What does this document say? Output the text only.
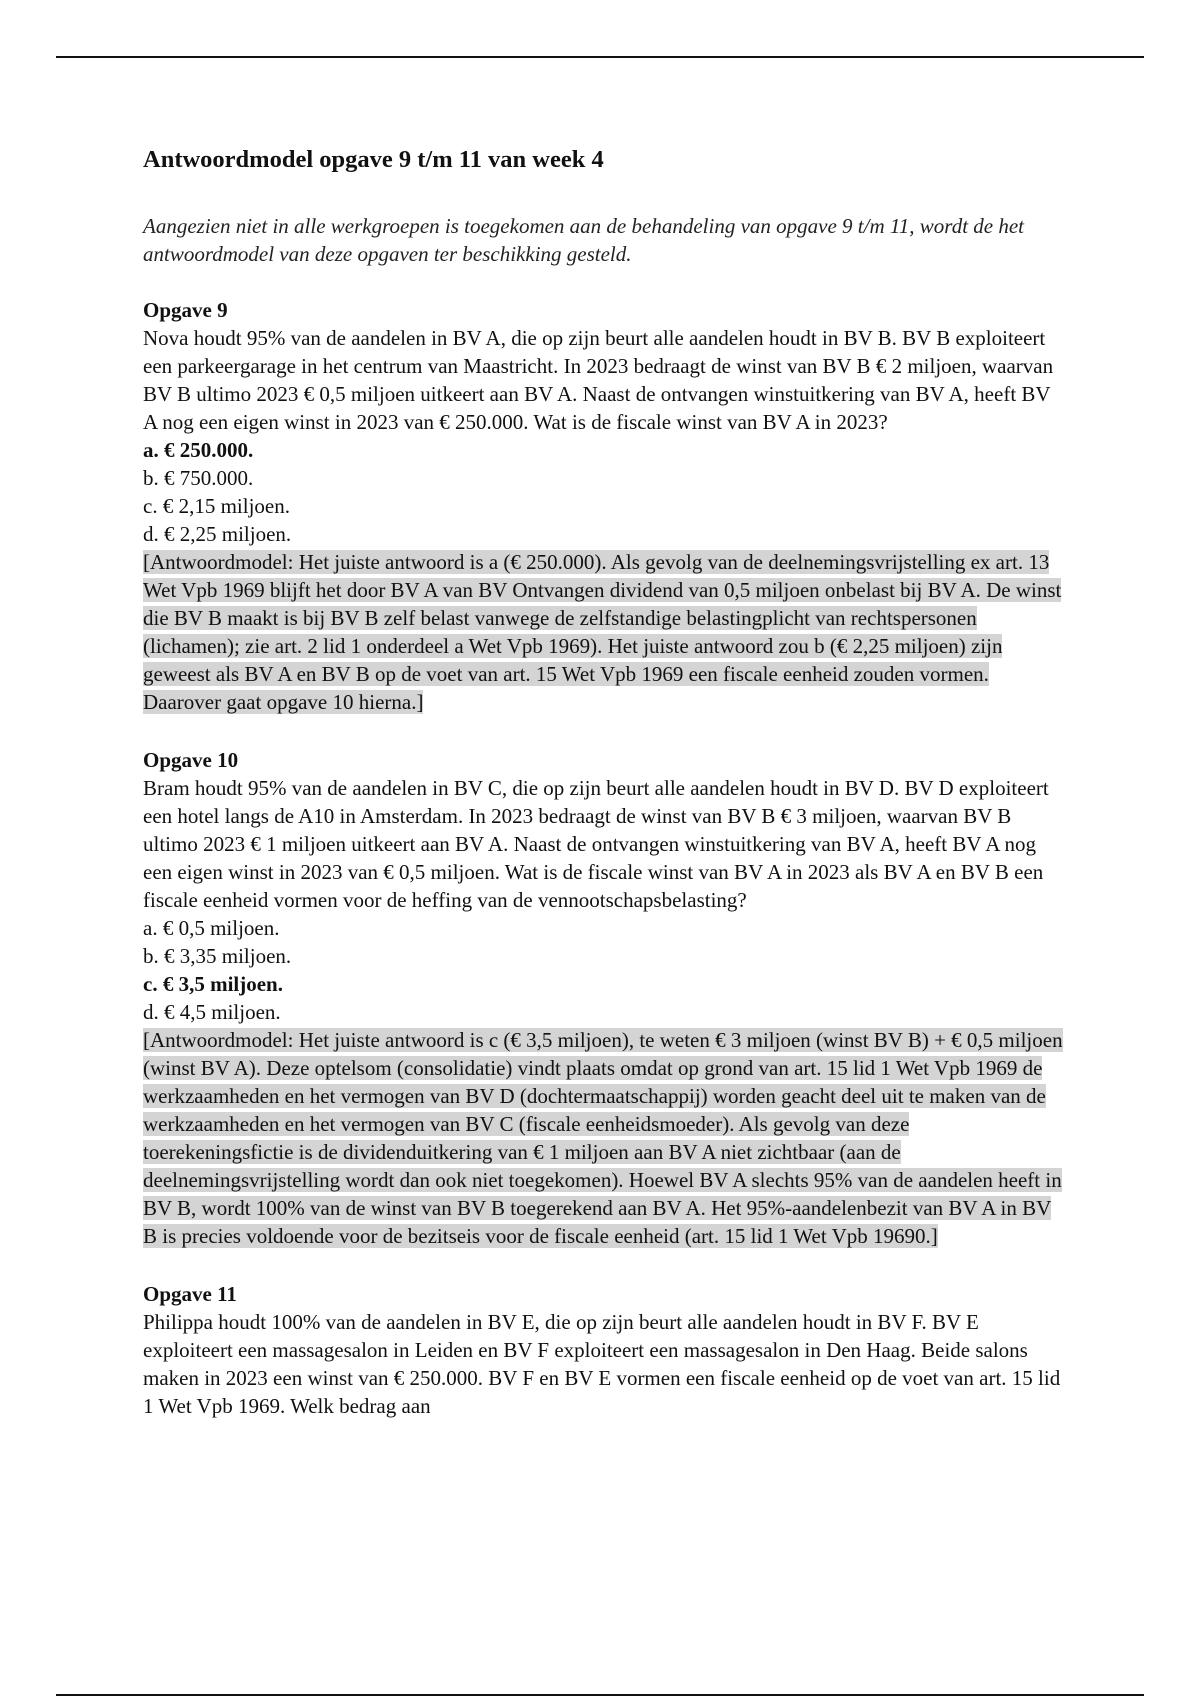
Antwoordmodel opgave 9 t/m 11 van week 4

Aangezien niet in alle werkgroepen is toegekomen aan de behandeling van opgave 9 t/m 11, wordt de het antwoordmodel van deze opgaven ter beschikking gesteld.

Opgave 9
Nova houdt 95% van de aandelen in BV A, die op zijn beurt alle aandelen houdt in BV B. BV B exploiteert een parkeergarage in het centrum van Maastricht. In 2023 bedraagt de winst van BV B € 2 miljoen, waarvan BV B ultimo 2023 € 0,5 miljoen uitkeert aan BV A. Naast de ontvangen winstuitkering van BV A, heeft BV A nog een eigen winst in 2023 van € 250.000. Wat is de fiscale winst van BV A in 2023?
a. € 250.000.
b. € 750.000.
c. € 2,15 miljoen.
d. € 2,25 miljoen.
[Antwoordmodel: Het juiste antwoord is a (€ 250.000). Als gevolg van de deelnemingsvrijstelling ex art. 13 Wet Vpb 1969 blijft het door BV A van BV Ontvangen dividend van 0,5 miljoen onbelast bij BV A. De winst die BV B maakt is bij BV B zelf belast vanwege de zelfstandige belastingplicht van rechtspersonen (lichamen); zie art. 2 lid 1 onderdeel a Wet Vpb 1969). Het juiste antwoord zou b (€ 2,25 miljoen) zijn geweest als BV A en BV B op de voet van art. 15 Wet Vpb 1969 een fiscale eenheid zouden vormen. Daarover gaat opgave 10 hierna.]
Opgave 10
Bram houdt 95% van de aandelen in BV C, die op zijn beurt alle aandelen houdt in BV D. BV D exploiteert een hotel langs de A10 in Amsterdam. In 2023 bedraagt de winst van BV B € 3 miljoen, waarvan BV B ultimo 2023 € 1 miljoen uitkeert aan BV A. Naast de ontvangen winstuitkering van BV A, heeft BV A nog een eigen winst in 2023 van € 0,5 miljoen. Wat is de fiscale winst van BV A in 2023 als BV A en BV B een fiscale eenheid vormen voor de heffing van de vennootschapsbelasting?
a. € 0,5 miljoen.
b. € 3,35 miljoen.
c. € 3,5 miljoen.
d. € 4,5 miljoen.
[Antwoordmodel: Het juiste antwoord is c (€ 3,5 miljoen), te weten € 3 miljoen (winst BV B) + € 0,5 miljoen (winst BV A). Deze optelsom (consolidatie) vindt plaats omdat op grond van art. 15 lid 1 Wet Vpb 1969 de werkzaamheden en het vermogen van BV D (dochtermaatschappij) worden geacht deel uit te maken van de werkzaamheden en het vermogen van BV C (fiscale eenheidsmoeder). Als gevolg van deze toerekeningsfictie is de dividenduitkering van € 1 miljoen aan BV A niet zichtbaar (aan de deelnemingsvrijstelling wordt dan ook niet toegekomen). Hoewel BV A slechts 95% van de aandelen heeft in BV B, wordt 100% van de winst van BV B toegerekend aan BV A. Het 95%-aandelenbezit van BV A in BV B is precies voldoende voor de bezitseis voor de fiscale eenheid (art. 15 lid 1 Wet Vpb 19690.]
Opgave 11
Philippa houdt 100% van de aandelen in BV E, die op zijn beurt alle aandelen houdt in BV F. BV E exploiteert een massagesalon in Leiden en BV F exploiteert een massagesalon in Den Haag. Beide salons maken in 2023 een winst van € 250.000. BV F en BV E vormen een fiscale eenheid op de voet van art. 15 lid 1 Wet Vpb 1969. Welk bedrag aan
